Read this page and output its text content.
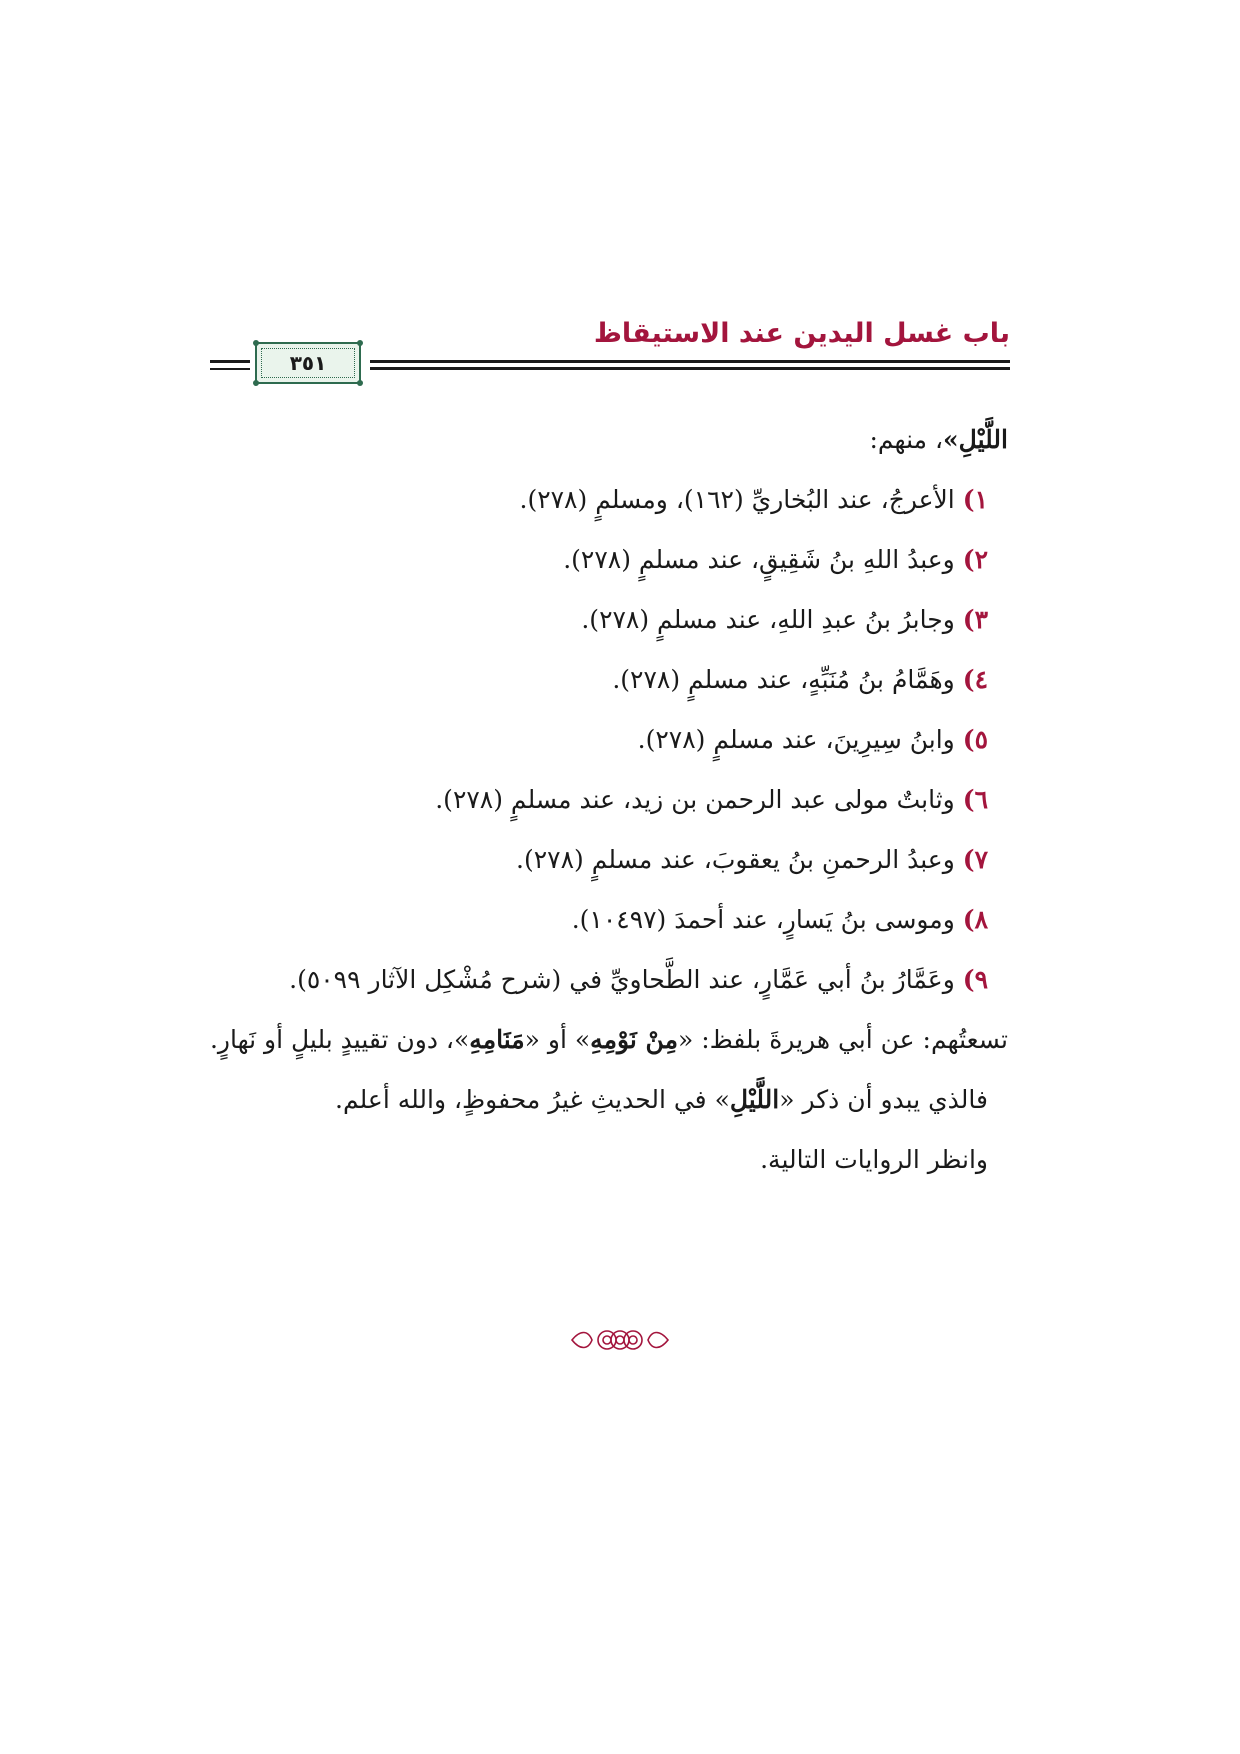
باب غسل اليدين عند الاستيقاظ
٣٥١
اللَّيْلِ»، منهم:
١) الأعرجُ، عند البُخاريِّ (١٦٢)، ومسلمٍ (٢٧٨).
٢) وعبدُ اللهِ بنُ شَقِيقٍ، عند مسلمٍ (٢٧٨).
٣) وجابرُ بنُ عبدِ اللهِ، عند مسلمٍ (٢٧٨).
٤) وهَمَّامُ بنُ مُنَبِّهٍ، عند مسلمٍ (٢٧٨).
٥) وابنُ سِيرِينَ، عند مسلمٍ (٢٧٨).
٦) وثابتٌ مولى عبد الرحمن بن زيد، عند مسلمٍ (٢٧٨).
٧) وعبدُ الرحمنِ بنُ يعقوبَ، عند مسلمٍ (٢٧٨).
٨) وموسى بنُ يَسارٍ، عند أحمدَ (١٠٤٩٧).
٩) وعَمَّارُ بنُ أبي عَمَّارٍ، عند الطَّحاويِّ في (شرح مُشْكِل الآثار ٥٠٩٩).
تسعتُهم: عن أبي هريرةَ بلفظ: «مِنْ نَوْمِهِ» أو «مَنَامِهِ»، دون تقييدٍ بليلٍ أو نَهارٍ.
فالذي يبدو أن ذكر «اللَّيْلِ» في الحديثِ غيرُ محفوظٍ، والله أعلم.
وانظر الروايات التالية.
